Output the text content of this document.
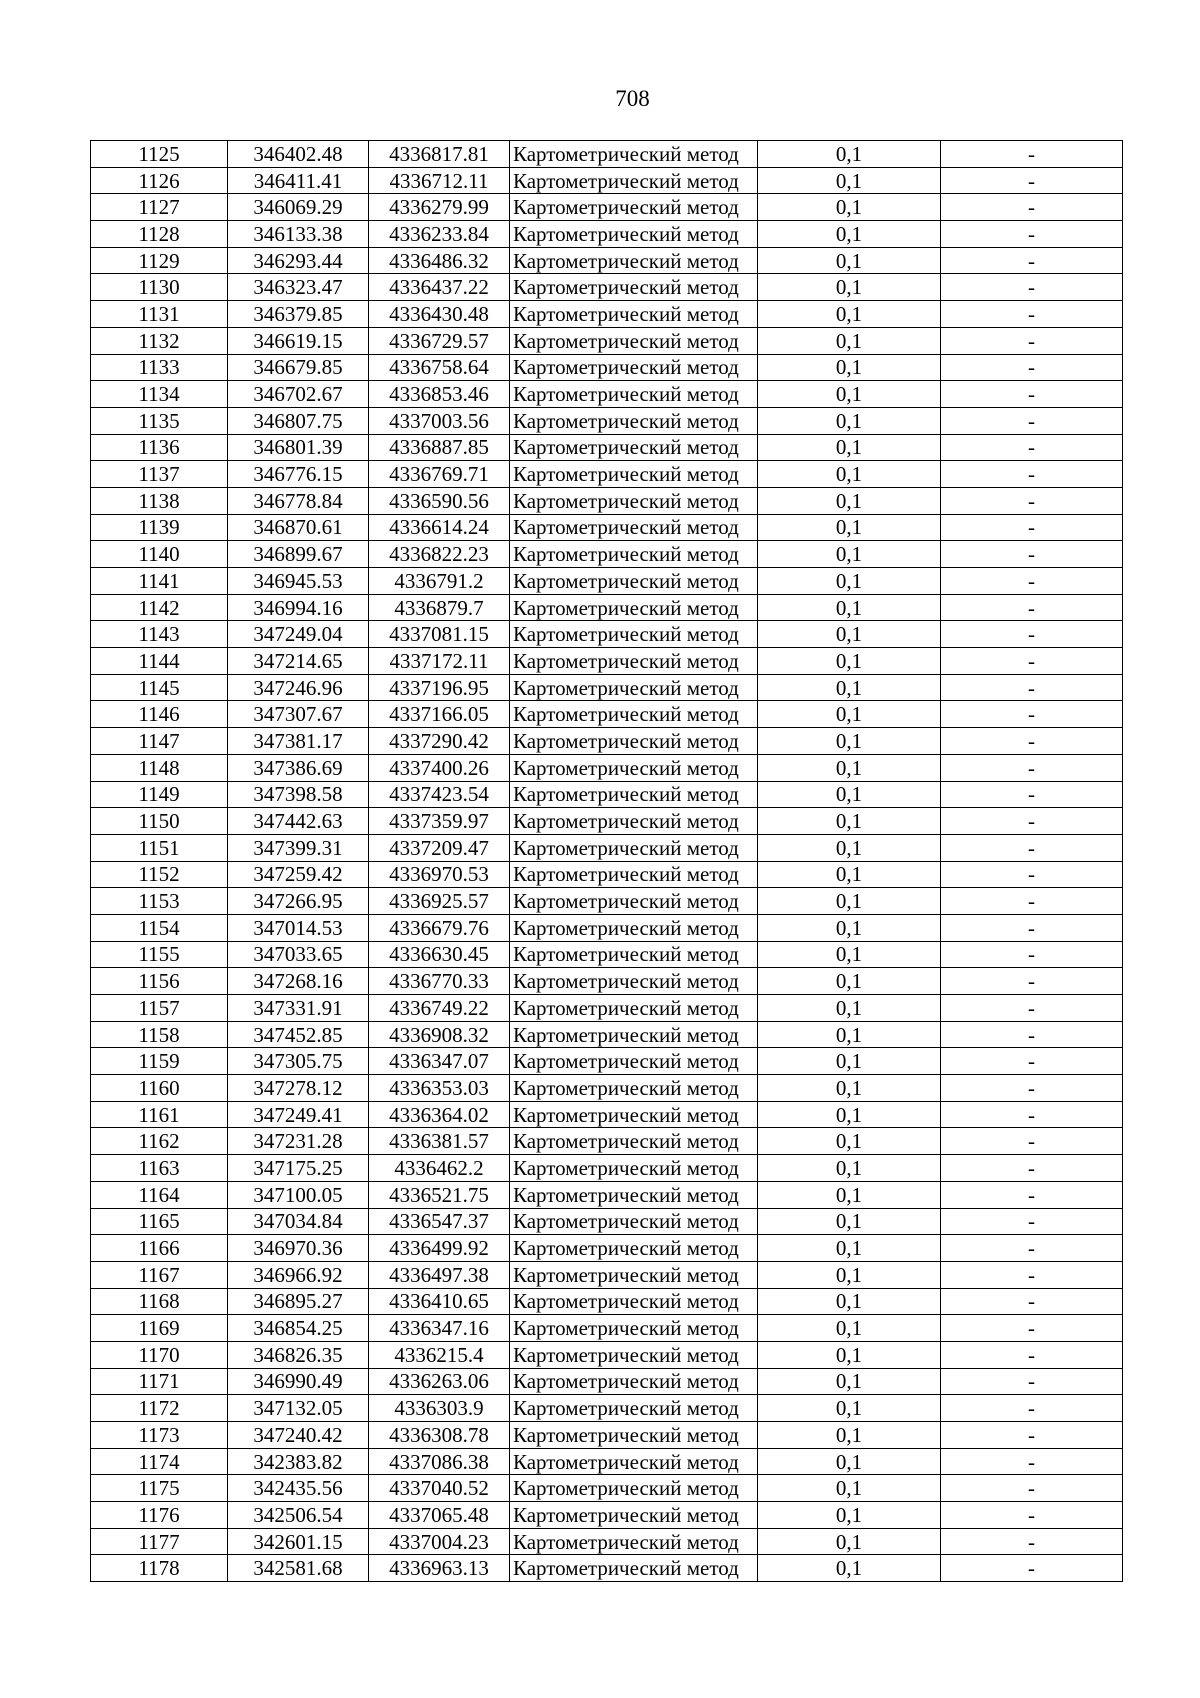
708
1125	346402.48	4336817.81	Картометрический метод	0,1	-
1126	346411.41	4336712.11	Картометрический метод	0,1	-
1127	346069.29	4336279.99	Картометрический метод	0,1	-
1128	346133.38	4336233.84	Картометрический метод	0,1	-
1129	346293.44	4336486.32	Картометрический метод	0,1	-
1130	346323.47	4336437.22	Картометрический метод	0,1	-
1131	346379.85	4336430.48	Картометрический метод	0,1	-
1132	346619.15	4336729.57	Картометрический метод	0,1	-
1133	346679.85	4336758.64	Картометрический метод	0,1	-
1134	346702.67	4336853.46	Картометрический метод	0,1	-
1135	346807.75	4337003.56	Картометрический метод	0,1	-
1136	346801.39	4336887.85	Картометрический метод	0,1	-
1137	346776.15	4336769.71	Картометрический метод	0,1	-
1138	346778.84	4336590.56	Картометрический метод	0,1	-
1139	346870.61	4336614.24	Картометрический метод	0,1	-
1140	346899.67	4336822.23	Картометрический метод	0,1	-
1141	346945.53	4336791.2	Картометрический метод	0,1	-
1142	346994.16	4336879.7	Картометрический метод	0,1	-
1143	347249.04	4337081.15	Картометрический метод	0,1	-
1144	347214.65	4337172.11	Картометрический метод	0,1	-
1145	347246.96	4337196.95	Картометрический метод	0,1	-
1146	347307.67	4337166.05	Картометрический метод	0,1	-
1147	347381.17	4337290.42	Картометрический метод	0,1	-
1148	347386.69	4337400.26	Картометрический метод	0,1	-
1149	347398.58	4337423.54	Картометрический метод	0,1	-
1150	347442.63	4337359.97	Картометрический метод	0,1	-
1151	347399.31	4337209.47	Картометрический метод	0,1	-
1152	347259.42	4336970.53	Картометрический метод	0,1	-
1153	347266.95	4336925.57	Картометрический метод	0,1	-
1154	347014.53	4336679.76	Картометрический метод	0,1	-
1155	347033.65	4336630.45	Картометрический метод	0,1	-
1156	347268.16	4336770.33	Картометрический метод	0,1	-
1157	347331.91	4336749.22	Картометрический метод	0,1	-
1158	347452.85	4336908.32	Картометрический метод	0,1	-
1159	347305.75	4336347.07	Картометрический метод	0,1	-
1160	347278.12	4336353.03	Картометрический метод	0,1	-
1161	347249.41	4336364.02	Картометрический метод	0,1	-
1162	347231.28	4336381.57	Картометрический метод	0,1	-
1163	347175.25	4336462.2	Картометрический метод	0,1	-
1164	347100.05	4336521.75	Картометрический метод	0,1	-
1165	347034.84	4336547.37	Картометрический метод	0,1	-
1166	346970.36	4336499.92	Картометрический метод	0,1	-
1167	346966.92	4336497.38	Картометрический метод	0,1	-
1168	346895.27	4336410.65	Картометрический метод	0,1	-
1169	346854.25	4336347.16	Картометрический метод	0,1	-
1170	346826.35	4336215.4	Картометрический метод	0,1	-
1171	346990.49	4336263.06	Картометрический метод	0,1	-
1172	347132.05	4336303.9	Картометрический метод	0,1	-
1173	347240.42	4336308.78	Картометрический метод	0,1	-
1174	342383.82	4337086.38	Картометрический метод	0,1	-
1175	342435.56	4337040.52	Картометрический метод	0,1	-
1176	342506.54	4337065.48	Картометрический метод	0,1	-
1177	342601.15	4337004.23	Картометрический метод	0,1	-
1178	342581.68	4336963.13	Картометрический метод	0,1	-
